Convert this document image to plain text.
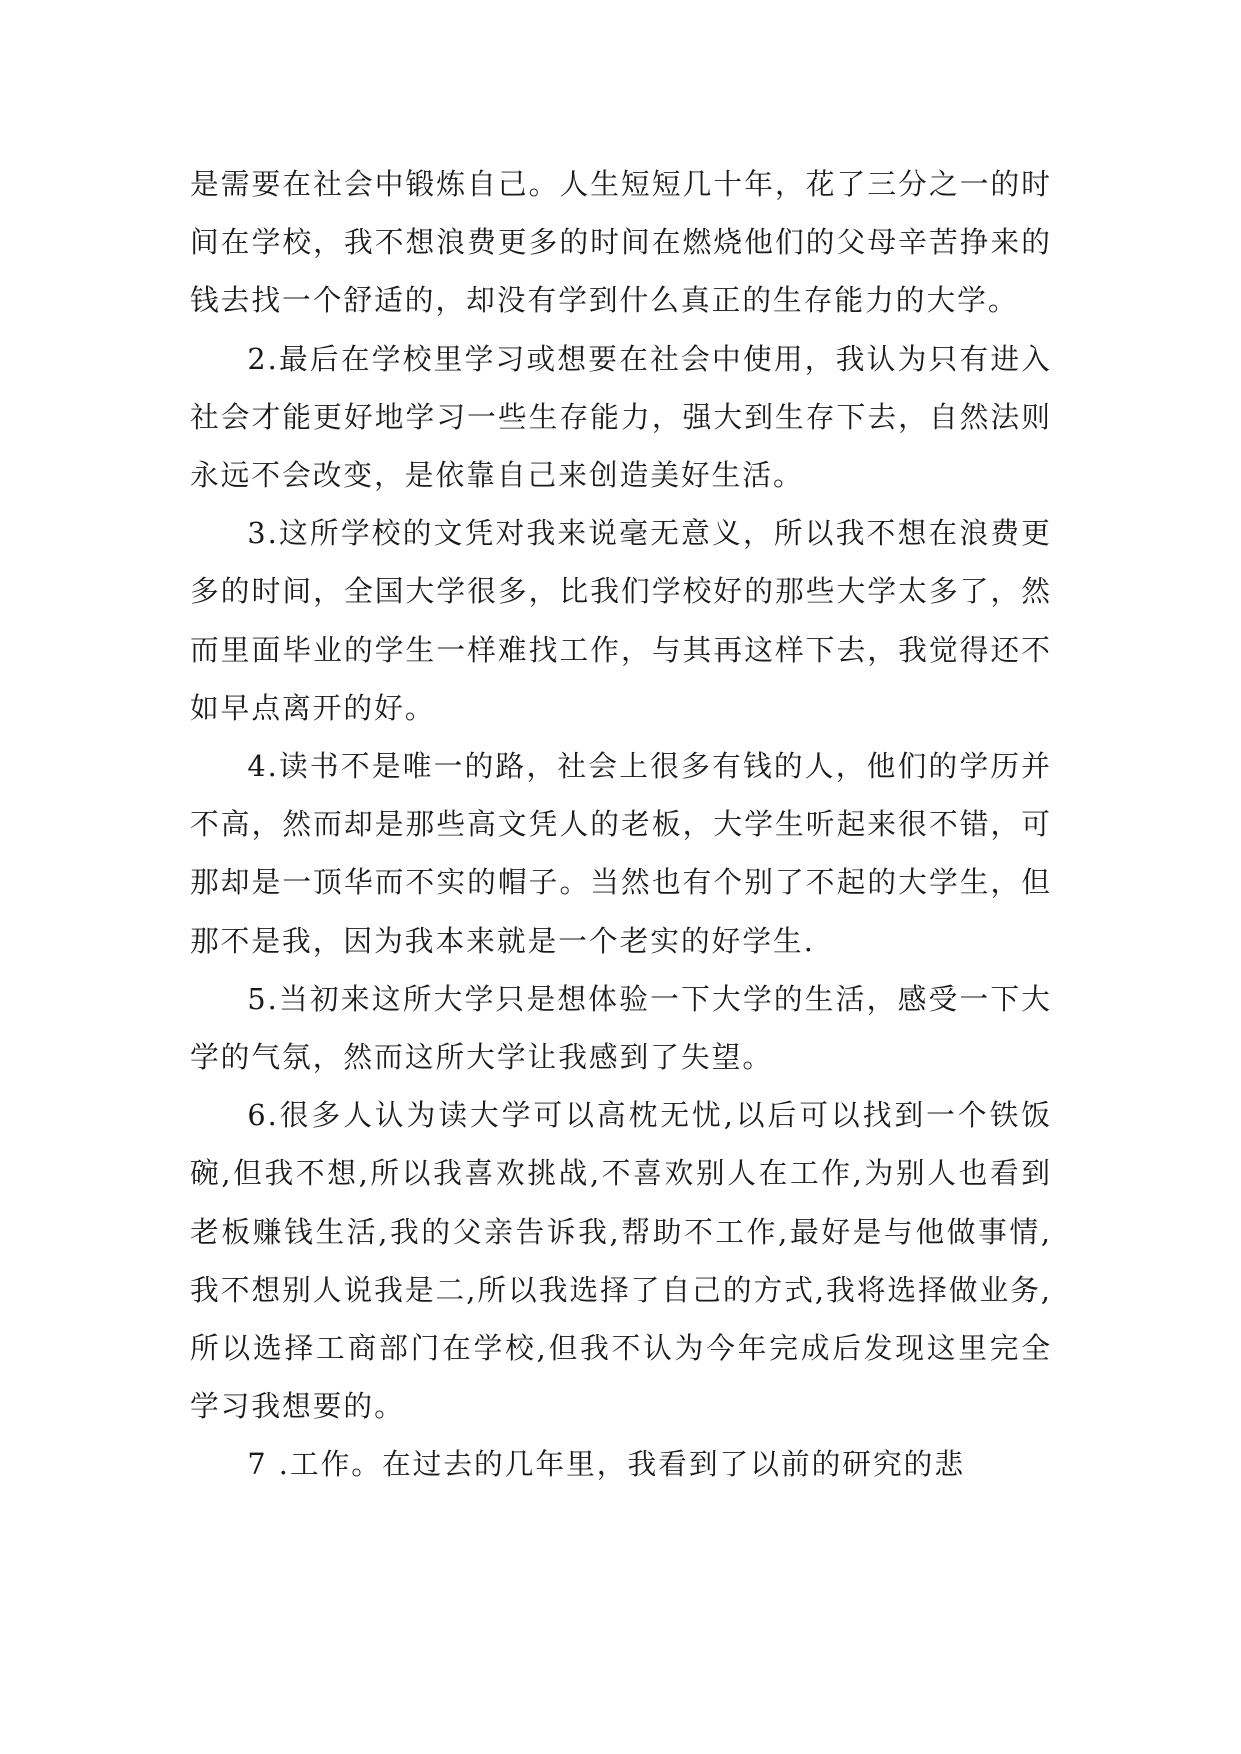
是需要在社会中锻炼自己。人生短短几十年，花了三分之一的时间在学校，我不想浪费更多的时间在燃烧他们的父母辛苦挣来的钱去找一个舒适的，却没有学到什么真正的生存能力的大学。

2.最后在学校里学习或想要在社会中使用，我认为只有进入社会才能更好地学习一些生存能力，强大到生存下去，自然法则永远不会改变，是依靠自己来创造美好生活。

3.这所学校的文凭对我来说毫无意义，所以我不想在浪费更多的时间，全国大学很多，比我们学校好的那些大学太多了，然而里面毕业的学生一样难找工作，与其再这样下去，我觉得还不如早点离开的好。

4.读书不是唯一的路，社会上很多有钱的人，他们的学历并不高，然而却是那些高文凭人的老板，大学生听起来很不错，可那却是一顶华而不实的帽子。当然也有个别了不起的大学生，但那不是我，因为我本来就是一个老实的好学生.

5.当初来这所大学只是想体验一下大学的生活，感受一下大学的气氛，然而这所大学让我感到了失望。

6.很多人认为读大学可以高枕无忧,以后可以找到一个铁饭碗,但我不想,所以我喜欢挑战,不喜欢别人在工作,为别人也看到老板赚钱生活,我的父亲告诉我,帮助不工作,最好是与他做事情,我不想别人说我是二,所以我选择了自己的方式,我将选择做业务,所以选择工商部门在学校,但我不认为今年完成后发现这里完全学习我想要的。

7 .工作。在过去的几年里，我看到了以前的研究的悲
